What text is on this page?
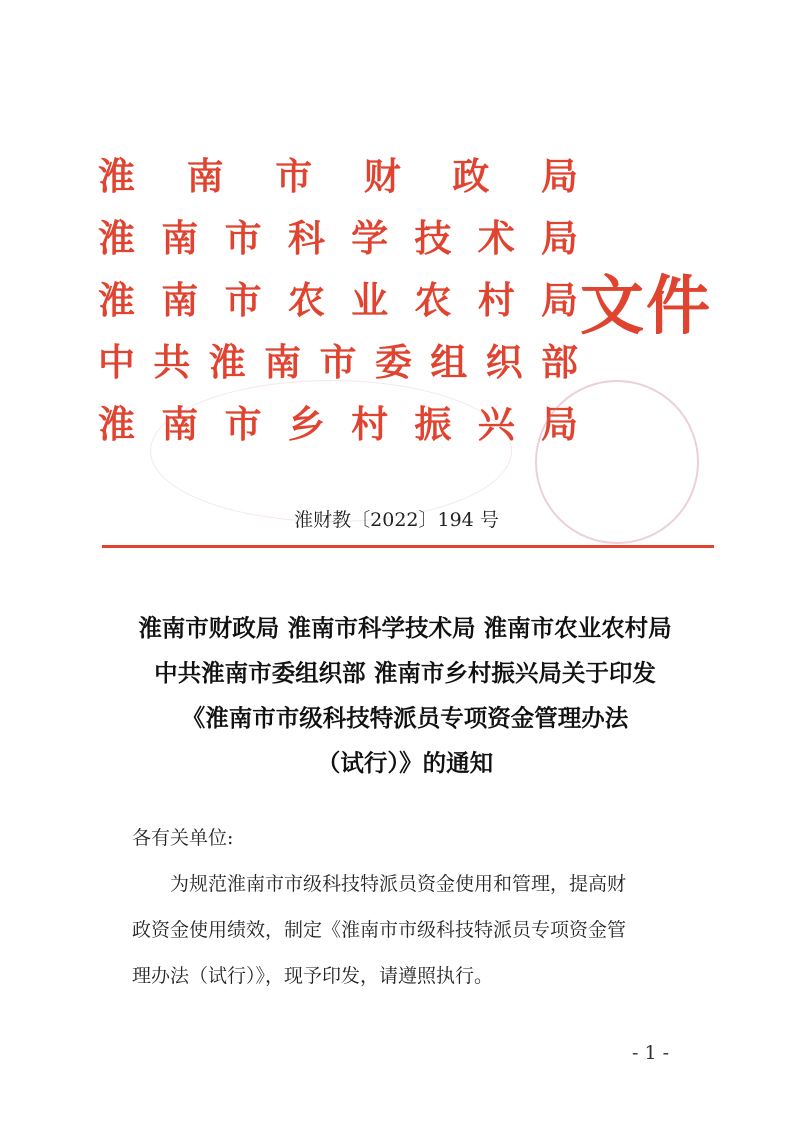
淮 南 市 财 政 局
淮 南 市 科 学 技 术 局
淮 南 市 农 业 农 村 局
中 共 淮 南 市 委 组 织 部
淮 南 市 乡 村 振 兴 局
文件
淮财教〔2022〕194 号
淮南市财政局 淮南市科学技术局 淮南市农业农村局
中共淮南市委组织部 淮南市乡村振兴局关于印发
《淮南市市级科技特派员专项资金管理办法
（试行）》的通知

各有关单位:

为规范淮南市市级科技特派员资金使用和管理，提高财

政资金使用绩效，制定《淮南市市级科技特派员专项资金管

理办法（试行）》，现予印发，请遵照执行。

- 1 -
